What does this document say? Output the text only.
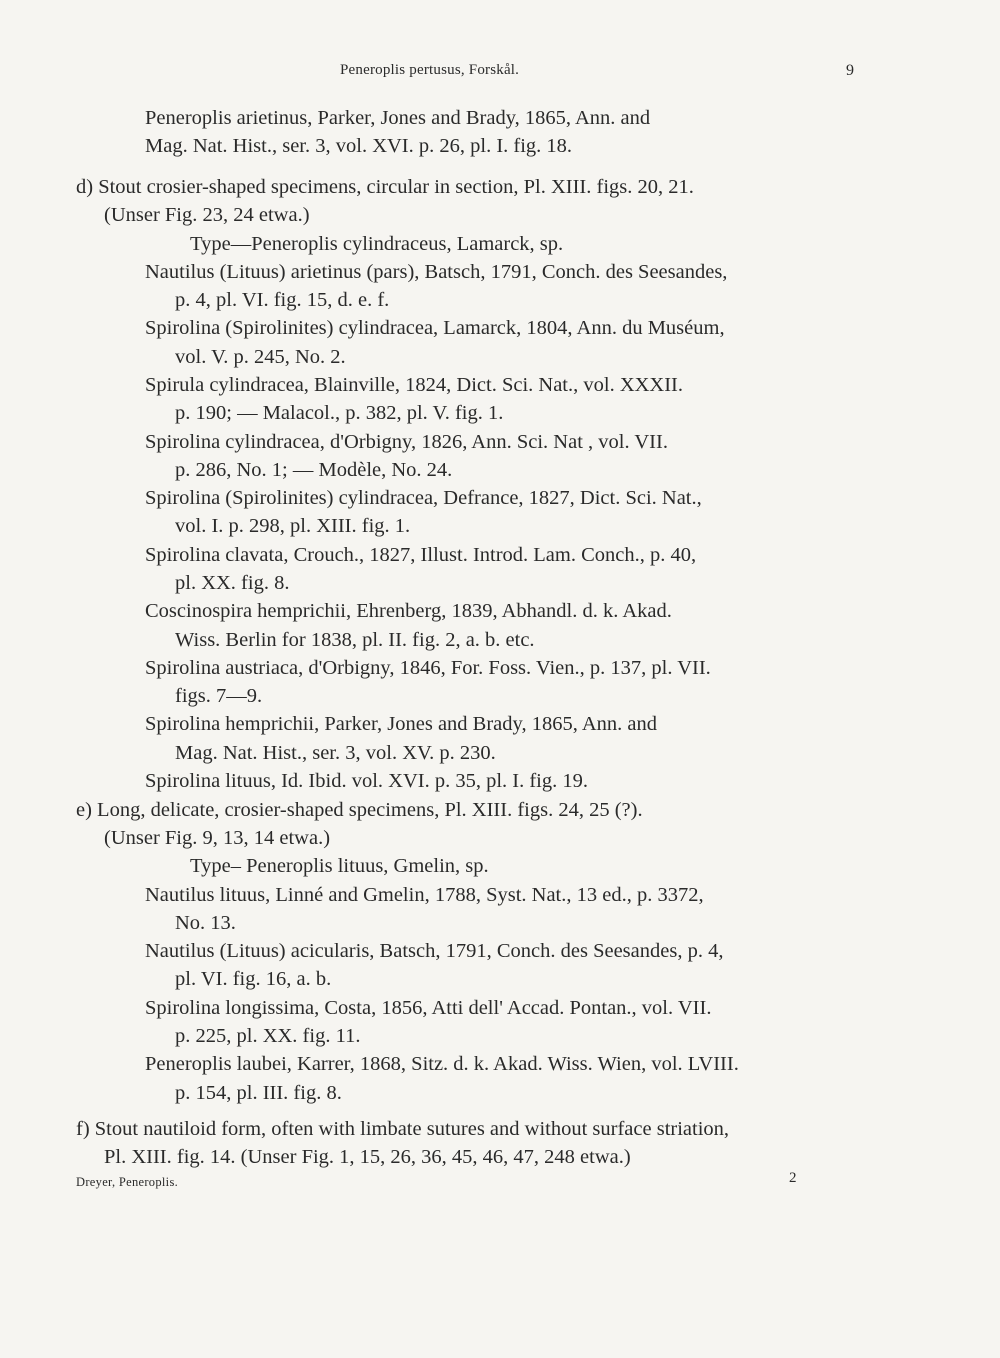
Peneroplis pertusus, Forskål.	9
Peneroplis arietinus, Parker, Jones and Brady, 1865, Ann. and
Mag. Nat. Hist., ser. 3, vol. XVI. p. 26, pl. I. fig. 18.
d) Stout crosier-shaped specimens, circular in section, Pl. XIII. figs. 20, 21.
(Unser Fig. 23, 24 etwa.)
Type—Peneroplis cylindraceus, Lamarck, sp.
Nautilus (Lituus) arietinus (pars), Batsch, 1791, Conch. des Seesandes,
p. 4, pl. VI. fig. 15, d. e. f.
Spirolina (Spirolinites) cylindracea, Lamarck, 1804, Ann. du Muséum,
vol. V. p. 245, No. 2.
Spirula cylindracea, Blainville, 1824, Dict. Sci. Nat., vol. XXXII.
p. 190; — Malacol., p. 382, pl. V. fig. 1.
Spirolina cylindracea, d'Orbigny, 1826, Ann. Sci. Nat , vol. VII.
p. 286, No. 1; — Modèle, No. 24.
Spirolina (Spirolinites) cylindracea, Defrance, 1827, Dict. Sci. Nat.,
vol. I. p. 298, pl. XIII. fig. 1.
Spirolina clavata, Crouch., 1827, Illust. Introd. Lam. Conch., p. 40,
pl. XX. fig. 8.
Coscinospira hemprichii, Ehrenberg, 1839, Abhandl. d. k. Akad.
Wiss. Berlin for 1838, pl. II. fig. 2, a. b. etc.
Spirolina austriaca, d'Orbigny, 1846, For. Foss. Vien., p. 137, pl. VII.
figs. 7—9.
Spirolina hemprichii, Parker, Jones and Brady, 1865, Ann. and
Mag. Nat. Hist., ser. 3, vol. XV. p. 230.
Spirolina lituus, Id. Ibid. vol. XVI. p. 35, pl. I. fig. 19.
e) Long, delicate, crosier-shaped specimens, Pl. XIII. figs. 24, 25 (?).
(Unser Fig. 9, 13, 14 etwa.)
Type– Peneroplis lituus, Gmelin, sp.
Nautilus lituus, Linné and Gmelin, 1788, Syst. Nat., 13 ed., p. 3372,
No. 13.
Nautilus (Lituus) acicularis, Batsch, 1791, Conch. des Seesandes, p. 4,
pl. VI. fig. 16, a. b.
Spirolina longissima, Costa, 1856, Atti dell' Accad. Pontan., vol. VII.
p. 225, pl. XX. fig. 11.
Peneroplis laubei, Karrer, 1868, Sitz. d. k. Akad. Wiss. Wien, vol. LVIII.
p. 154, pl. III. fig. 8.
f) Stout nautiloid form, often with limbate sutures and without surface striation,
Pl. XIII. fig. 14. (Unser Fig. 1, 15, 26, 36, 45, 46, 47, 248 etwa.)
Dreyer, Peneroplis.	2
